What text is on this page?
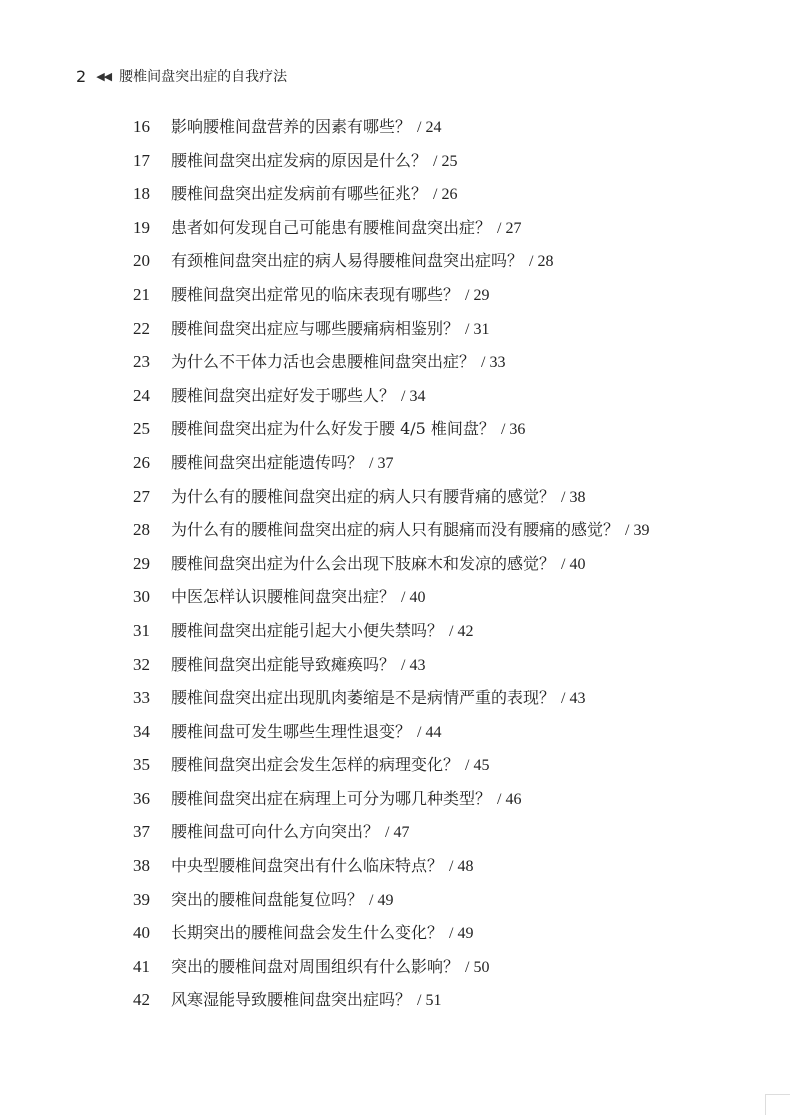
2 ◀◀ 腰椎间盘突出症的自我疗法
16 影响腰椎间盘营养的因素有哪些？ / 24
17 腰椎间盘突出症发病的原因是什么？ / 25
18 腰椎间盘突出症发病前有哪些征兆？ / 26
19 患者如何发现自己可能患有腰椎间盘突出症？ / 27
20 有颈椎间盘突出症的病人易得腰椎间盘突出症吗？ / 28
21 腰椎间盘突出症常见的临床表现有哪些？ / 29
22 腰椎间盘突出症应与哪些腰痛病相鉴别？ / 31
23 为什么不干体力活也会患腰椎间盘突出症？ / 33
24 腰椎间盘突出症好发于哪些人？ / 34
25 腰椎间盘突出症为什么好发于腰 4/5 椎间盘？ / 36
26 腰椎间盘突出症能遗传吗？ / 37
27 为什么有的腰椎间盘突出症的病人只有腰背痛的感觉？ / 38
28 为什么有的腰椎间盘突出症的病人只有腿痛而没有腰痛的感觉？ / 39
29 腰椎间盘突出症为什么会出现下肢麻木和发凉的感觉？ / 40
30 中医怎样认识腰椎间盘突出症？ / 40
31 腰椎间盘突出症能引起大小便失禁吗？ / 42
32 腰椎间盘突出症能导致瘫痪吗？ / 43
33 腰椎间盘突出症出现肌肉萎缩是不是病情严重的表现？ / 43
34 腰椎间盘可发生哪些生理性退变？ / 44
35 腰椎间盘突出症会发生怎样的病理变化？ / 45
36 腰椎间盘突出症在病理上可分为哪几种类型？ / 46
37 腰椎间盘可向什么方向突出？ / 47
38 中央型腰椎间盘突出有什么临床特点？ / 48
39 突出的腰椎间盘能复位吗？ / 49
40 长期突出的腰椎间盘会发生什么变化？ / 49
41 突出的腰椎间盘对周围组织有什么影响？ / 50
42 风寒湿能导致腰椎间盘突出症吗？ / 51
